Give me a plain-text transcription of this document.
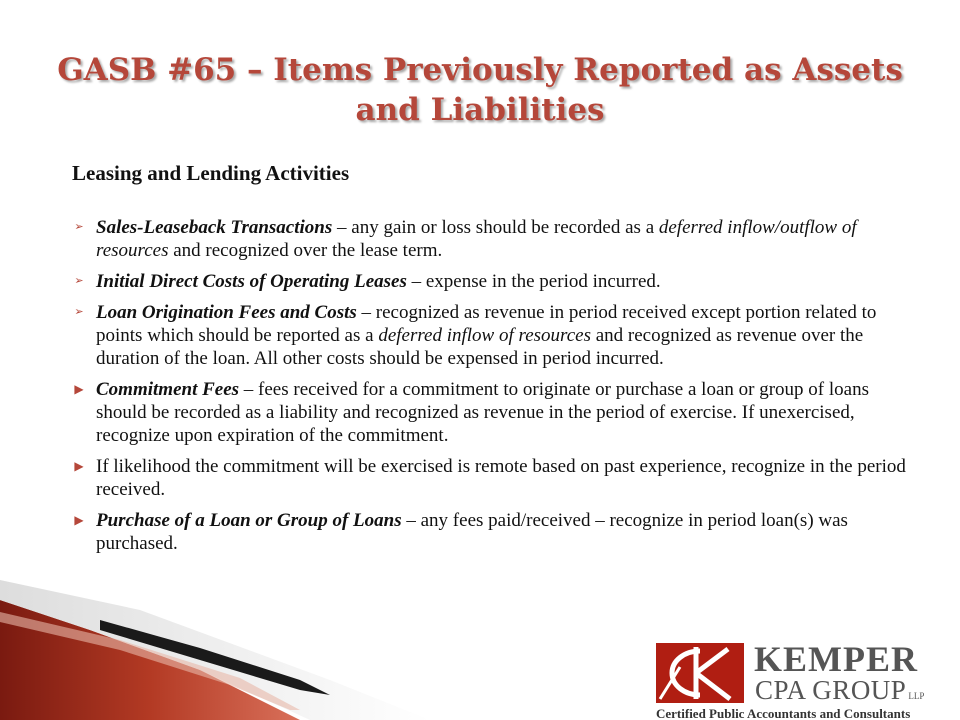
GASB #65 – Items Previously Reported as Assets
and Liabilities
Leasing and Lending Activities
➢ Sales-Leaseback Transactions – any gain or loss should be recorded as a deferred inflow/outflow of resources and recognized over the lease term.
➢ Initial Direct Costs of Operating Leases – expense in the period incurred.
➢ Loan Origination Fees and Costs – recognized as revenue in period received except portion related to points which should be reported as a deferred inflow of resources and recognized as revenue over the duration of the loan. All other costs should be expensed in period incurred.
▶ Commitment Fees – fees received for a commitment to originate or purchase a loan or group of loans should be recorded as a liability and recognized as revenue in the period of exercise. If unexercised, recognize upon expiration of the commitment.
▶ If likelihood the commitment will be exercised is remote based on past experience, recognize in the period received.
▶ Purchase of a Loan or Group of Loans – any fees paid/received – recognize in period loan(s) was purchased.
KEMPER
CPA GROUP LLP
Certified Public Accountants and Consultants
